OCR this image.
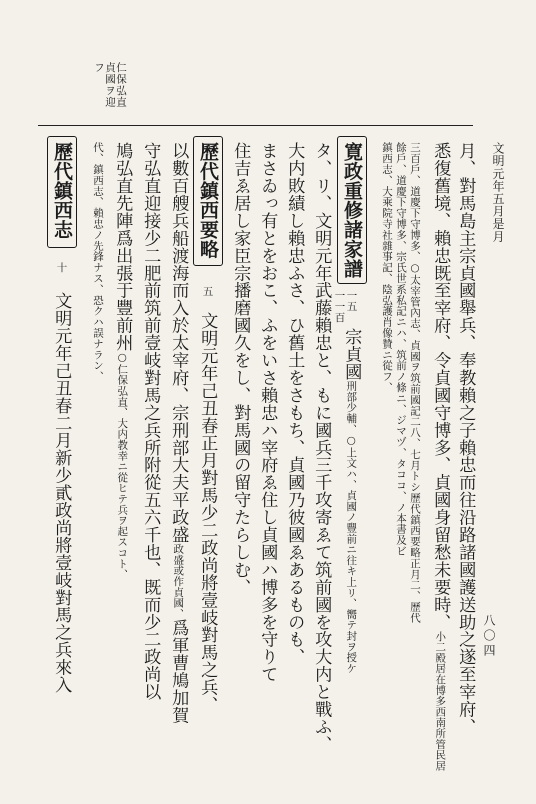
文明元年五月是月
八〇四
仁保弘直
貞國ヲ迎
フ
月、對馬島主宗貞國舉兵、奉教賴之子賴忠而往沿路諸國護送助之遂至宰府、
悉復舊境、賴忠既至宰府、令貞國守博多、貞國身留愁未要時、小二殿居在博多西南所管民居
三百戶、道慶下守博多、○太宰管內志、貞國ヲ筑前國記二八、七月トシ歷代鎮西要略正月二、歷代
餘戶、道慶下守博多、宗氏世系私記ニハ、筑前ノ條ニ、ジマヅ、タココ、ノ本書及ビ
鎮西志、大乘院寺社雜事記、陰弘護肖像贊ニ從フ、
寛政重修諸家譜
一五
一一百
宗貞國刑部少輔、○上文ハ、貞國ノ豐前ニ往キ上リ、嚮テ封ヲ授ケ
タ、リ、文明元年武藤賴忠と、もに國兵三千攻寄ゑて筑前國を攻大内と戰ふ、
大内敗績し賴忠ふさ、ひ舊土をさもち、貞國乃彼國ゑあるものも、
まさゐっ有とをおこ、ふをいさ賴忠ハ宰府ゑ住し貞國ハ博多を守りて
住吉ゑ居し家臣宗播磨國久をし、對馬國の留守たらしむ、
歷代鎮西要略
五
文明元年己丑春正月對馬少二政尚將壹岐對馬之兵、
以數百艘兵船渡海而入於太宰府、宗刑部大夫平政盛政盛或作貞國、爲軍曹鳩加賀
守弘直迎接少二肥前筑前壹岐對馬之兵所附從五六千也、既而少二政尚以
鳩弘直先陣爲出張于豐前州○仁保弘直、大内教幸ニ從ヒテ兵ヲ起スコト、
代、鎮西志、賴忠ノ先鋒ナス、恐クハ誤ナラン、
歷代鎮西志
十
文明元年己丑春二月新少貳政尚將壹岐對馬之兵來入
